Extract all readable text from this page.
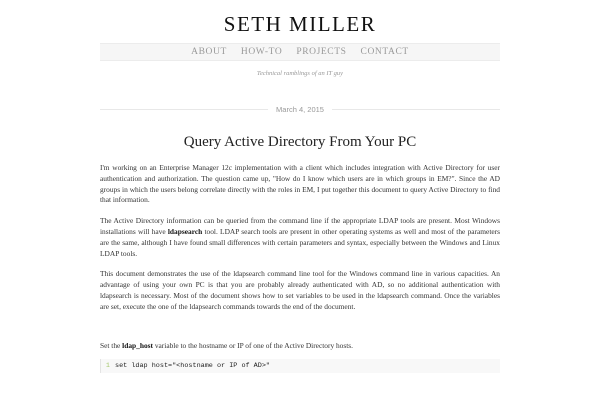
SETH MILLER
ABOUT HOW-TO PROJECTS CONTACT
Technical ramblings of an IT guy
March 4, 2015
Query Active Directory From Your PC

I'm working on an Enterprise Manager 12c implementation with a client which includes integration with Active Directory for user authentication and authorization. The question came up, "How do I know which users are in which groups in EM?". Since the AD groups in which the users belong correlate directly with the roles in EM, I put together this document to query Active Directory to find that information.

The Active Directory information can be queried from the command line if the appropriate LDAP tools are present. Most Windows installations will have ldapsearch tool. LDAP search tools are present in other operating systems as well and most of the parameters are the same, although I have found small differences with certain parameters and syntax, especially between the Windows and Linux LDAP tools.

This document demonstrates the use of the ldapsearch command line tool for the Windows command line in various capacities. An advantage of using your own PC is that you are probably already authenticated with AD, so no additional authentication with ldapsearch is necessary. Most of the document shows how to set variables to be used in the ldapsearch command. Once the variables are set, execute the one of the ldapsearch commands towards the end of the document.

Set the ldap_host variable to the hostname or IP of one of the Active Directory hosts.

1 set ldap host="<hostname or IP of AD>"
